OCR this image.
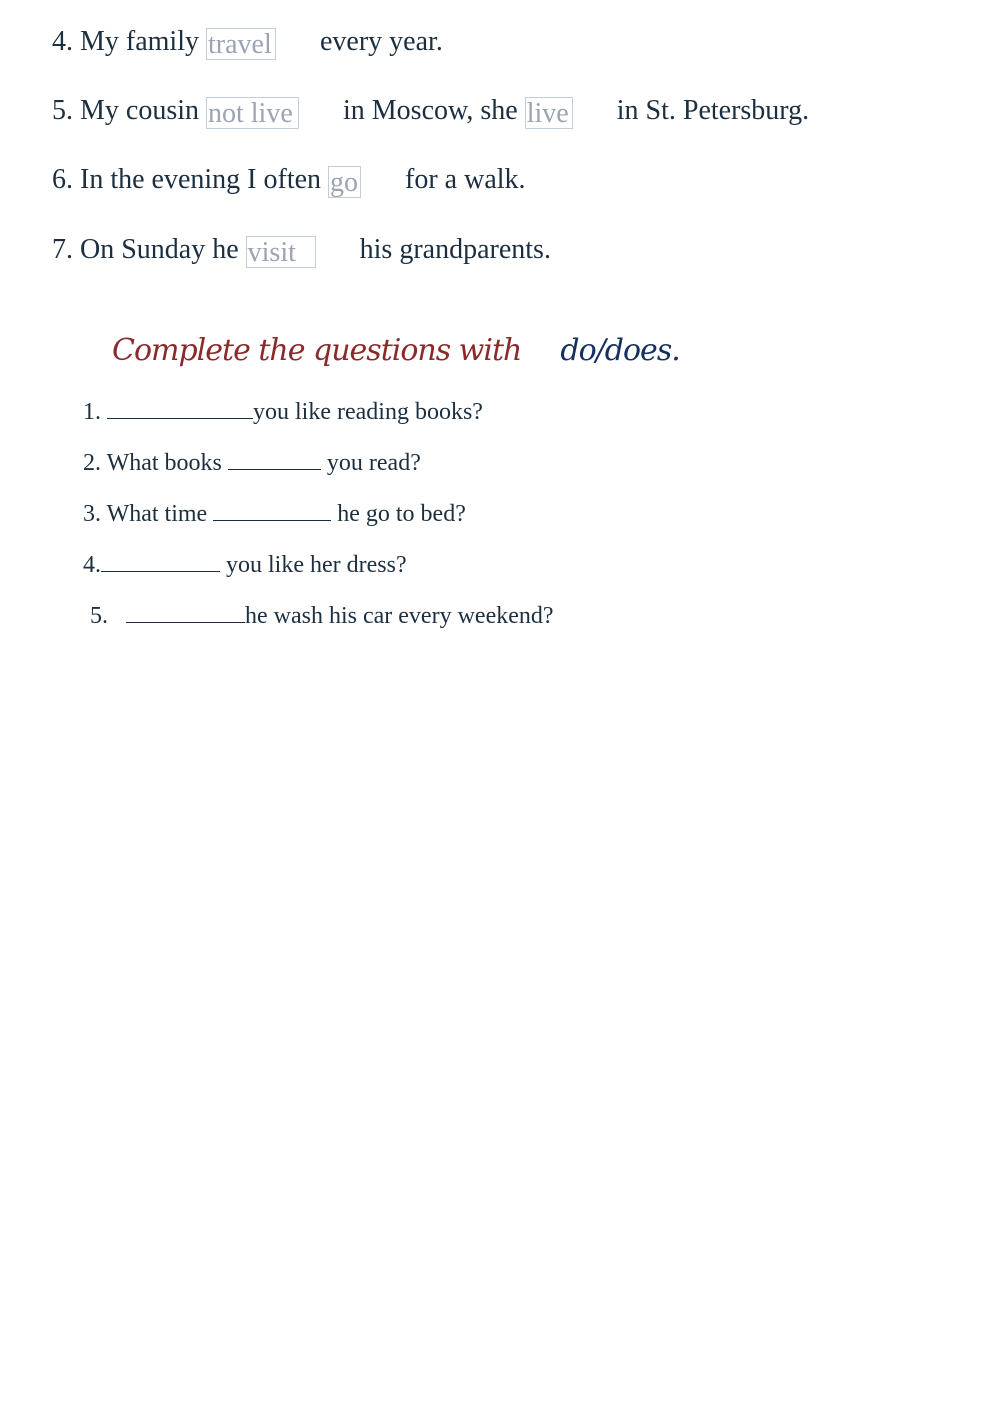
4. My family travel every year.
5. My cousin not live in Moscow, she live in St. Petersburg.
6. In the evening I often go for a walk.
7. On Sunday he visit his grandparents.
Complete the questions with do/does.
1.	you like reading books?
2. What books	you read?
3. What time	he go to bed?
4.	you like her dress?
5.	he wash his car every weekend?
